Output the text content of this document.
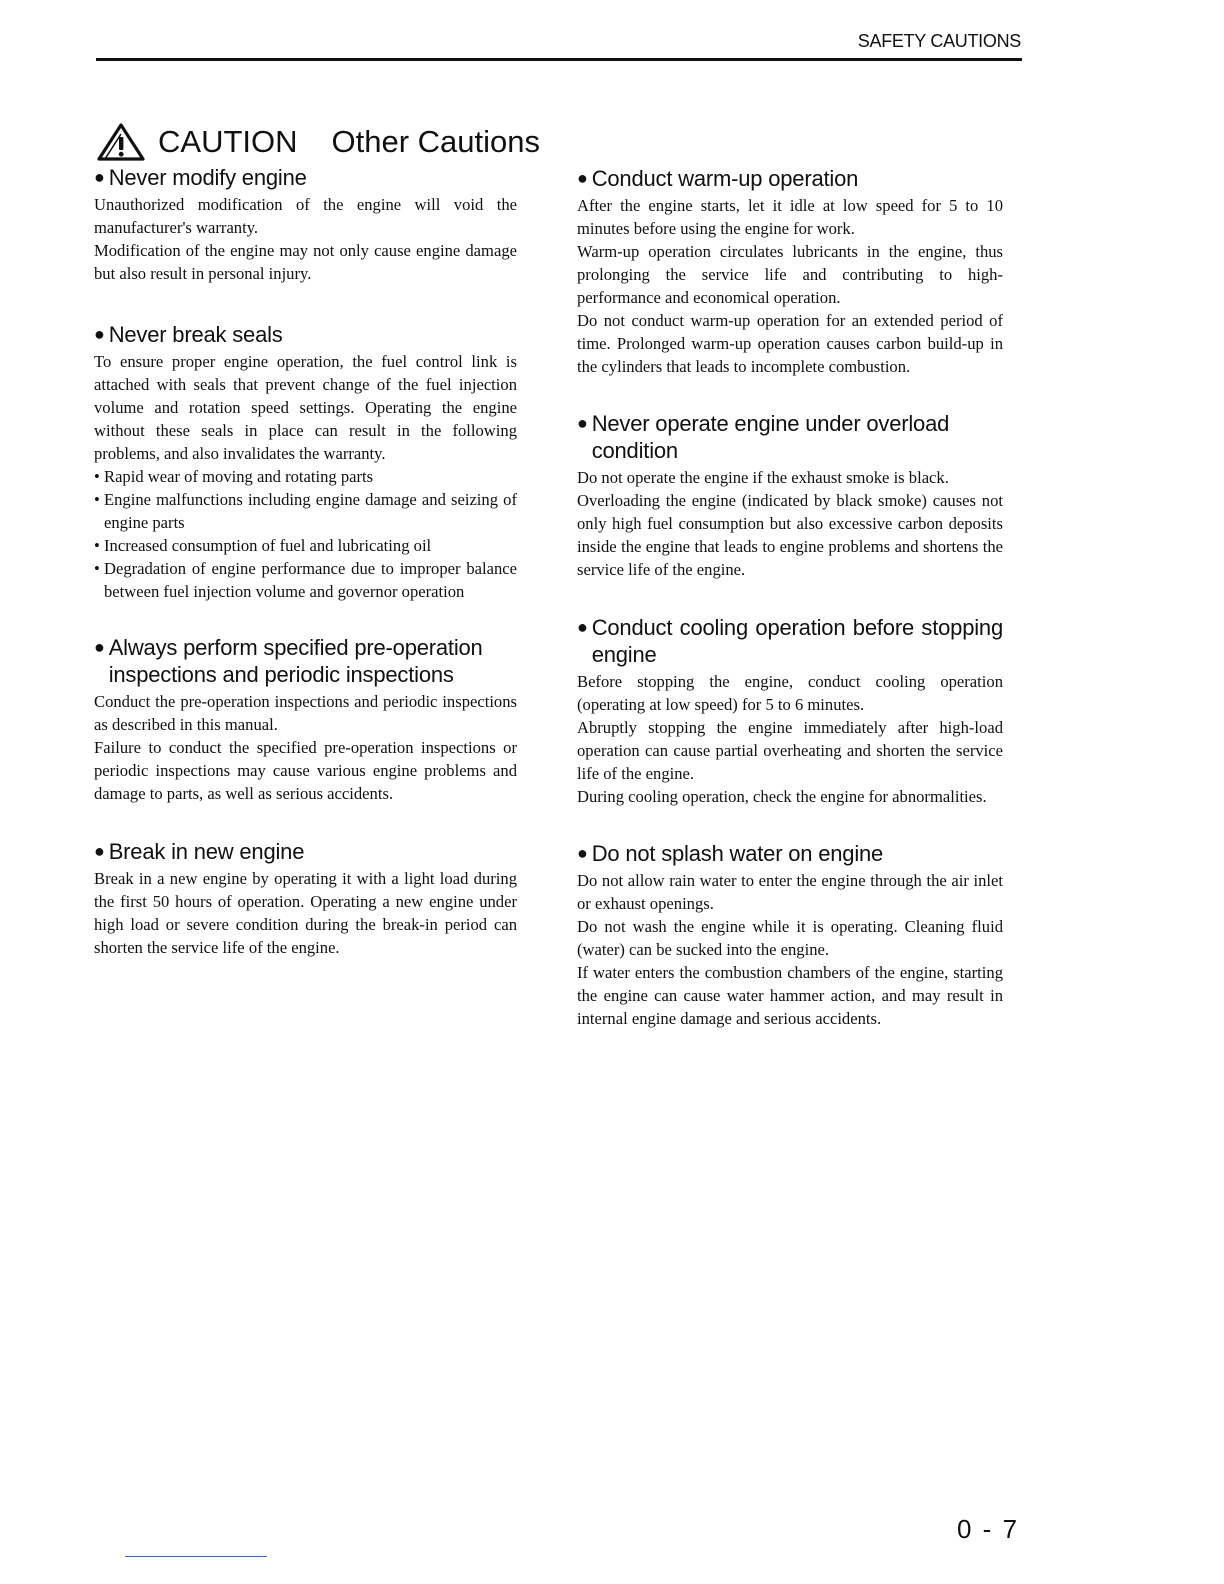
SAFETY CAUTIONS
CAUTION Other Cautions
● Never modify engine

Unauthorized modification of the engine will void the manufacturer's warranty.

Modification of the engine may not only cause engine damage but also result in personal injury.

● Never break seals

To ensure proper engine operation, the fuel control link is attached with seals that prevent change of the fuel injection volume and rotation speed settings. Operating the engine without these seals in place can result in the following problems, and also invalidates the warranty.

• Rapid wear of moving and rotating parts
• Engine malfunctions including engine damage and seizing of engine parts
• Increased consumption of fuel and lubricating oil
• Degradation of engine performance due to improper balance between fuel injection volume and governor operation
● Always perform specified pre-operation inspections and periodic inspections

Conduct the pre-operation inspections and periodic inspections as described in this manual.

Failure to conduct the specified pre-operation inspections or periodic inspections may cause various engine problems and damage to parts, as well as serious accidents.

● Break in new engine

Break in a new engine by operating it with a light load during the first 50 hours of operation. Operating a new engine under high load or severe condition during the break-in period can shorten the service life of the engine.

● Conduct warm-up operation

After the engine starts, let it idle at low speed for 5 to 10 minutes before using the engine for work.

Warm-up operation circulates lubricants in the engine, thus prolonging the service life and contributing to high-performance and economical operation.

Do not conduct warm-up operation for an extended period of time. Prolonged warm-up operation causes carbon build-up in the cylinders that leads to incomplete combustion.

● Never operate engine under overload condition

Do not operate the engine if the exhaust smoke is black.

Overloading the engine (indicated by black smoke) causes not only high fuel consumption but also excessive carbon deposits inside the engine that leads to engine problems and shortens the service life of the engine.

● Conduct cooling operation before stopping engine

Before stopping the engine, conduct cooling operation (operating at low speed) for 5 to 6 minutes.

Abruptly stopping the engine immediately after high-load operation can cause partial overheating and shorten the service life of the engine.

During cooling operation, check the engine for abnormalities.

● Do not splash water on engine

Do not allow rain water to enter the engine through the air inlet or exhaust openings.

Do not wash the engine while it is operating. Cleaning fluid (water) can be sucked into the engine.

If water enters the combustion chambers of the engine, starting the engine can cause water hammer action, and may result in internal engine damage and serious accidents.

0 - 7
